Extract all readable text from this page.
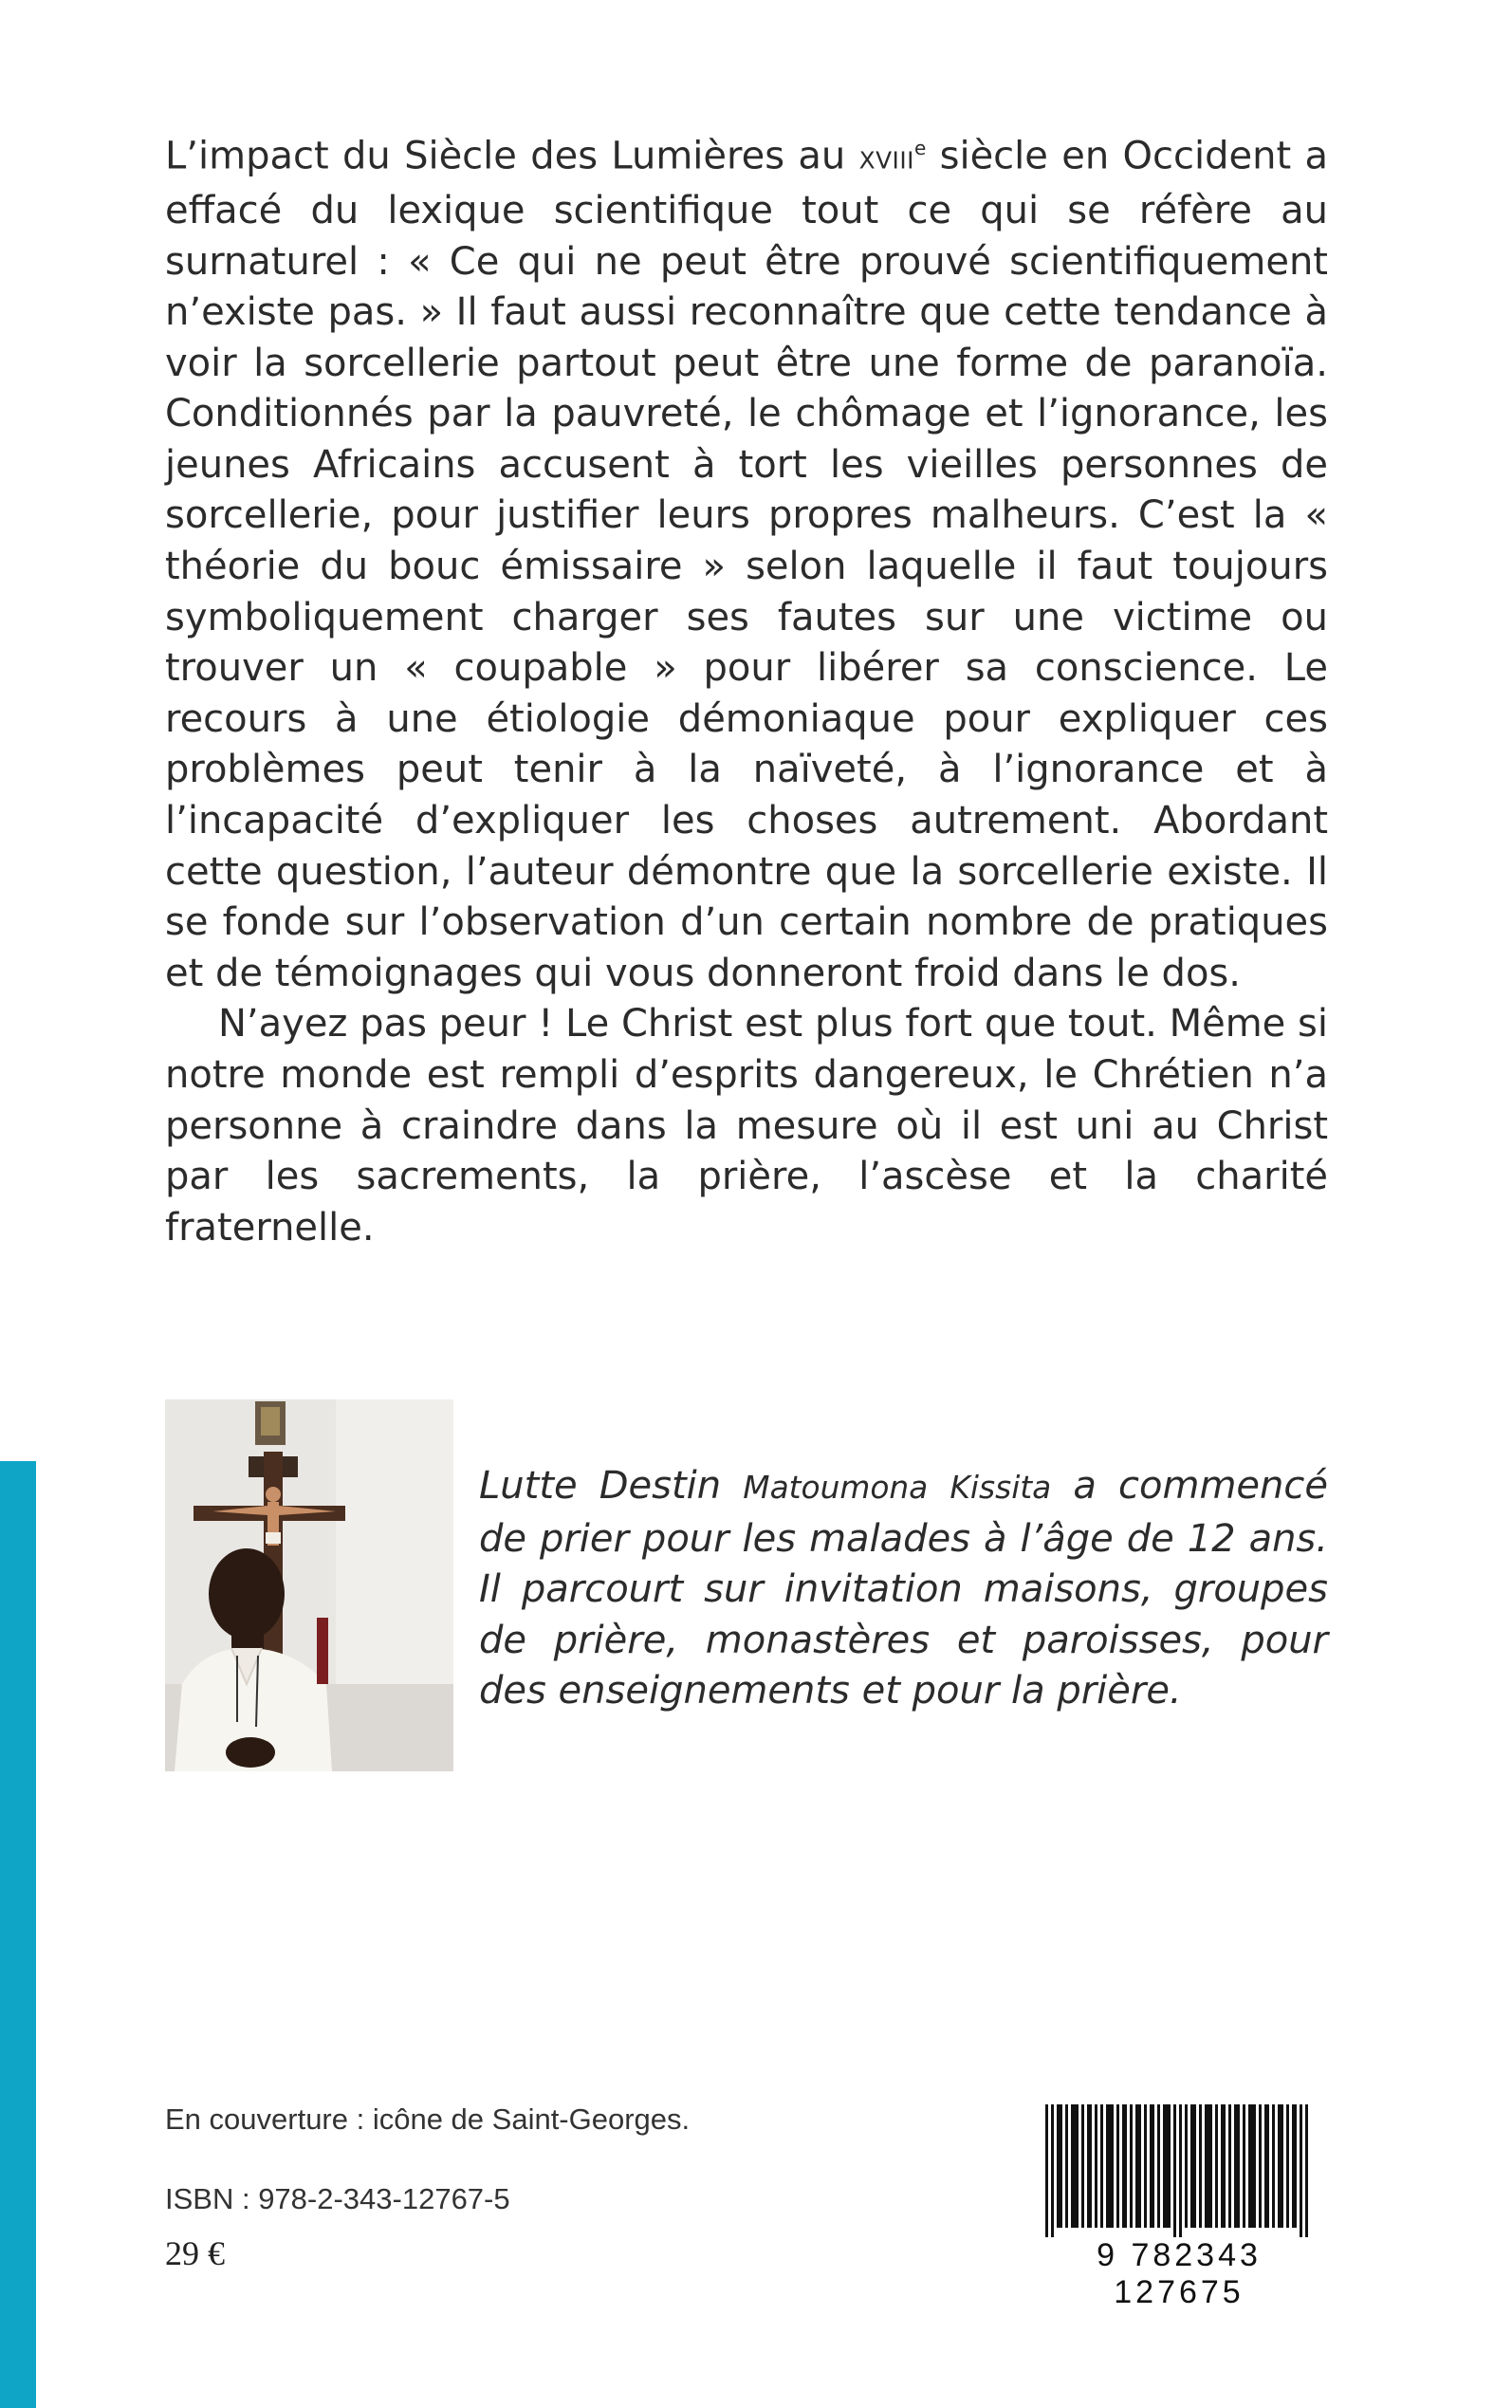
L’impact du Siècle des Lumières au XVIIIe siècle en Occident a effacé du lexique scientifique tout ce qui se réfère au surnaturel : « Ce qui ne peut être prouvé scientifiquement n’existe pas. » Il faut aussi reconnaître que cette tendance à voir la sorcellerie partout peut être une forme de paranoïa. Conditionnés par la pauvreté, le chômage et l’ignorance, les jeunes Africains accusent à tort les vieilles personnes de sorcellerie, pour justifier leurs propres malheurs. C’est la « théorie du bouc émissaire » selon laquelle il faut toujours symboliquement charger ses fautes sur une victime ou trouver un « coupable » pour libérer sa conscience. Le recours à une étiologie démoniaque pour expliquer ces problèmes peut tenir à la naïveté, à l’ignorance et à l’incapacité d’expliquer les choses autrement. Abordant cette question, l’auteur démontre que la sorcellerie existe. Il se fonde sur l’observation d’un certain nombre de pratiques et de témoignages qui vous donneront froid dans le dos.

N’ayez pas peur ! Le Christ est plus fort que tout. Même si notre monde est rempli d’esprits dangereux, le Chrétien n’a personne à craindre dans la mesure où il est uni au Christ par les sacrements, la prière, l’ascèse et la charité fraternelle.

Lutte Destin Matoumona Kissita a commencé de prier pour les malades à l’âge de 12 ans. Il parcourt sur invitation maisons, groupes de prière, monastères et paroisses, pour des enseignements et pour la prière.

En couverture : icône de Saint-Georges.
ISBN : 978-2-343-12767-5
29 €	9 782343 127675
